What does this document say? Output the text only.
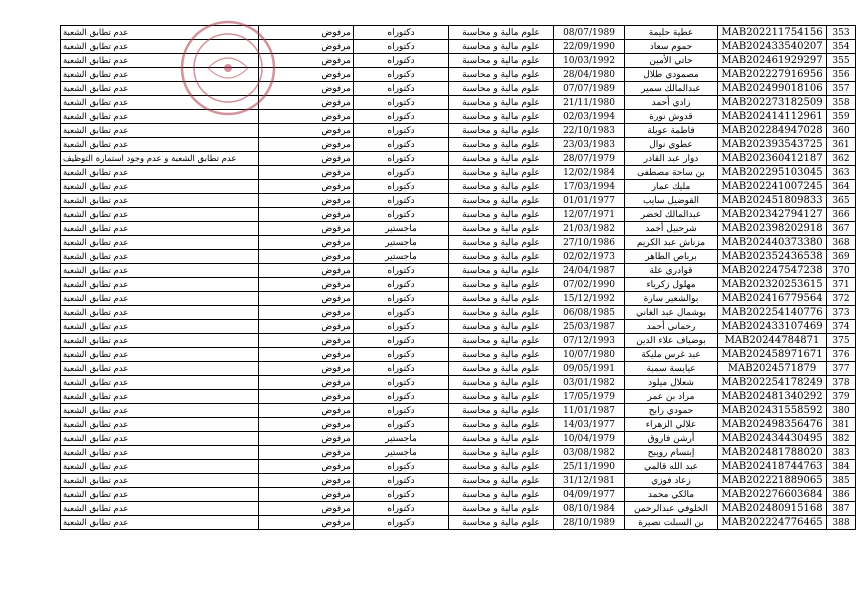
عدم تطابق الشعبة	مرفوض	دكتوراه	علوم مالية و محاسبة	08/07/1989	عطية حليمة	MAB202211754156	353
عدم تطابق الشعبة	مرفوض	دكتوراه	علوم مالية و محاسبة	22/09/1990	حموم سعاد	MAB202433540207	354
عدم تطابق الشعبة	مرفوض	دكتوراه	علوم مالية و محاسبة	10/03/1992	حاتي الأمين	MAB202461929297	355
عدم تطابق الشعبة	مرفوض	دكتوراه	علوم مالية و محاسبة	28/04/1980	مصمودي طلال	MAB202227916956	356
عدم تطابق الشعبة	مرفوض	دكتوراه	علوم مالية و محاسبة	07/07/1989	عبدالمالك سمير	MAB202499018106	357
عدم تطابق الشعبة	مرفوض	دكتوراه	علوم مالية و محاسبة	21/11/1980	زادي أحمد	MAB202273182509	358
عدم تطابق الشعبة	مرفوض	دكتوراه	علوم مالية و محاسبة	02/03/1994	قدوش نورة	MAB202414112961	359
عدم تطابق الشعبة	مرفوض	دكتوراه	علوم مالية و محاسبة	22/10/1983	فاطمة عويلة	MAB202284947028	360
عدم تطابق الشعبة	مرفوض	دكتوراه	علوم مالية و محاسبة	23/03/1983	عطوي نوال	MAB202393543725	361
عدم تطابق الشعبة و عدم وجود استمارة التوظيف	مرفوض	دكتوراه	علوم مالية و محاسبة	28/07/1979	دوار عبد القادر	MAB202360412187	362
عدم تطابق الشعبة	مرفوض	دكتوراه	علوم مالية و محاسبة	12/02/1984	بن ساحة مصطفى	MAB202295103045	363
عدم تطابق الشعبة	مرفوض	دكتوراه	علوم مالية و محاسبة	17/03/1994	مليك عمار	MAB202241007245	364
عدم تطابق الشعبة	مرفوض	دكتوراه	علوم مالية و محاسبة	01/01/1977	القوضيل سايب	MAB202451809833	365
عدم تطابق الشعبة	مرفوض	دكتوراه	علوم مالية و محاسبة	12/07/1971	عبدالمالك لخضر	MAB202342794127	366
عدم تطابق الشعبة	مرفوض	ماجستير	علوم مالية و محاسبة	21/03/1982	شرحبيل أحمد	MAB202398202918	367
عدم تطابق الشعبة	مرفوض	ماجستير	علوم مالية و محاسبة	27/10/1986	مزناش عبد الكريم	MAB202440373380	368
عدم تطابق الشعبة	مرفوض	ماجستير	علوم مالية و محاسبة	02/02/1973	برباص الطاهر	MAB202352436538	369
عدم تطابق الشعبة	مرفوض	دكتوراه	علوم مالية و محاسبة	24/04/1987	قوادري علة	MAB202247547238	370
عدم تطابق الشعبة	مرفوض	دكتوراه	علوم مالية و محاسبة	07/02/1990	مهلول زكرياء	MAB202320253615	371
عدم تطابق الشعبة	مرفوض	دكتوراه	علوم مالية و محاسبة	15/12/1992	بوالشعير سارة	MAB202416779564	372
عدم تطابق الشعبة	مرفوض	دكتوراه	علوم مالية و محاسبة	06/08/1985	بوشمال عبد الغاني	MAB202254140776	373
عدم تطابق الشعبة	مرفوض	دكتوراه	علوم مالية و محاسبة	25/03/1987	رحماني أحمد	MAB202433107469	374
عدم تطابق الشعبة	مرفوض	دكتوراه	علوم مالية و محاسبة	07/12/1993	بوضياف علاء الدين	MAB20244784871	375
عدم تطابق الشعبة	مرفوض	دكتوراه	علوم مالية و محاسبة	10/07/1980	عبد غرس مليكة	MAB202458971671	376
عدم تطابق الشعبة	مرفوض	دكتوراه	علوم مالية و محاسبة	09/05/1991	عيايسة سمية	MAB2024571879	377
عدم تطابق الشعبة	مرفوض	دكتوراه	علوم مالية و محاسبة	03/01/1982	شعلال ميلود	MAB202254178249	378
عدم تطابق الشعبة	مرفوض	دكتوراه	علوم مالية و محاسبة	17/05/1979	مراد بن عمر	MAB202481340292	379
عدم تطابق الشعبة	مرفوض	دكتوراه	علوم مالية و محاسبة	11/01/1987	حمودي رابح	MAB202431558592	380
عدم تطابق الشعبة	مرفوض	دكتوراه	علوم مالية و محاسبة	14/03/1977	علالي الزهراء	MAB202498356476	381
عدم تطابق الشعبة	مرفوض	ماجستير	علوم مالية و محاسبة	10/04/1979	أرشن فاروق	MAB202434430495	382
عدم تطابق الشعبة	مرفوض	ماجستير	علوم مالية و محاسبة	03/08/1982	إبتسام رويبح	MAB202481788020	383
عدم تطابق الشعبة	مرفوض	دكتوراه	علوم مالية و محاسبة	25/11/1990	عبد الله قالمي	MAB202418744763	384
عدم تطابق الشعبة	مرفوض	دكتوراه	علوم مالية و محاسبة	31/12/1981	زعاد فوزي	MAB202221889065	385
عدم تطابق الشعبة	مرفوض	دكتوراه	علوم مالية و محاسبة	04/09/1977	مالكي محمد	MAB202276603684	386
عدم تطابق الشعبة	مرفوض	دكتوراه	علوم مالية و محاسبة	08/10/1984	الخلوفي عبدالرحمن	MAB202480915168	387
عدم تطابق الشعبة	مرفوض	دكتوراه	علوم مالية و محاسبة	28/10/1989	بن السبلت نصيرة	MAB202224776465	388
